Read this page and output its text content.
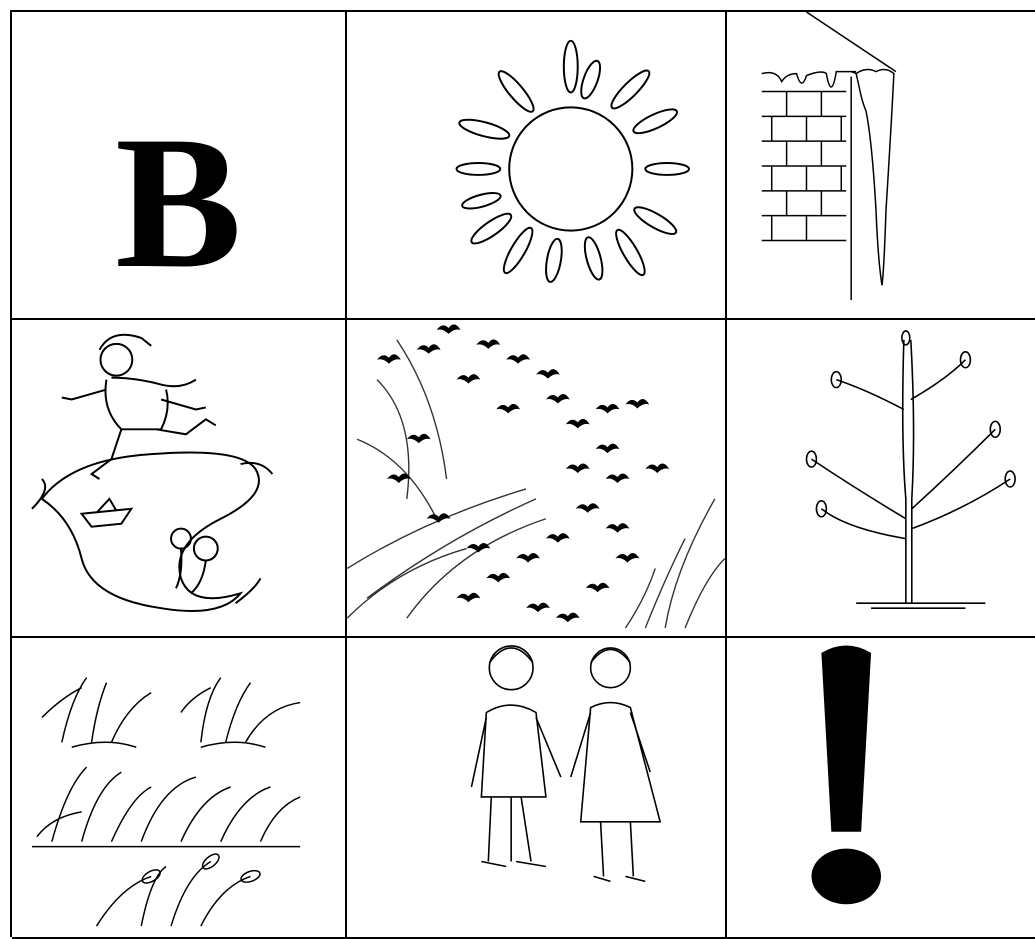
В
